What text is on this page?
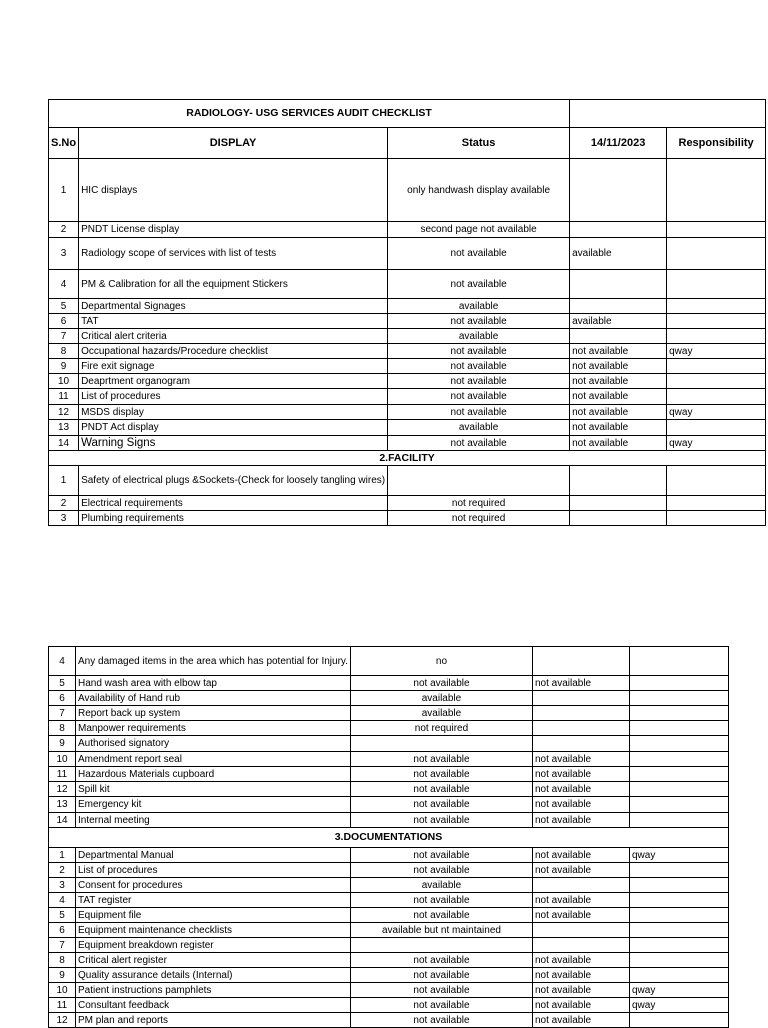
RADIOLOGY- USG SERVICES AUDIT CHECKLIST				
S.No	DISPLAY	Status	14/11/2023	Responsibility
1	HIC displays	only handwash display available		
2	PNDT License display	second page not available		
3	Radiology scope of services with list of tests	not available	available	
4	PM & Calibration for all the equipment Stickers	not available		
5	Departmental Signages	available		
6	TAT	not available	available	
7	Critical alert criteria	available		
8	Occupational hazards/Procedure checklist	not available	not available	qway
9	Fire exit signage	not available	not available	
10	Deaprtment organogram	not available	not available	
11	List of procedures	not available	not available	
12	MSDS display	not available	not available	qway
13	PNDT Act display	available	not available	
14	Warning Signs	not available	not available	qway
2.FACILITY				
1	Safety of electrical plugs &Sockets-(Check for loosely tangling wires)			
2	Electrical requirements	not required		
3	Plumbing requirements	not required		
4	Any damaged items in the area which has potential for Injury.	no		
5	Hand wash area with elbow tap	not available	not available	
6	Availability of Hand rub	available		
7	Report back up system	available		
8	Manpower requirements	not required		
9	Authorised signatory			
10	Amendment report seal	not available	not available	
11	Hazardous Materials cupboard	not available	not available	
12	Spill kit	not available	not available	
13	Emergency kit	not available	not available	
14	Internal meeting	not available	not available	
3.DOCUMENTATIONS				
1	Departmental Manual	not available	not available	qway
2	List of procedures	not available	not available	
3	Consent for procedures	available		
4	TAT register	not available	not available	
5	Equipment file	not available	not available	
6	Equipment maintenance checklists	available but nt maintained		
7	Equipment breakdown register			
8	Critical alert register	not available	not available	
9	Quality assurance details (Internal)	not available	not available	
10	Patient instructions pamphlets	not available	not available	qway
11	Consultant feedback	not available	not available	qway
12	PM plan and reports	not available	not available	
